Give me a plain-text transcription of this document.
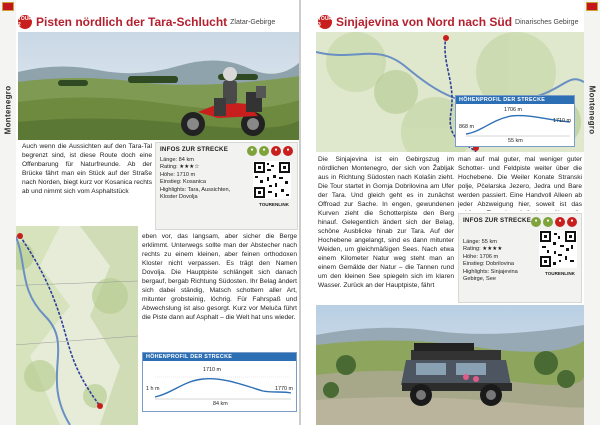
Montenegro
TOUR 2	Pisten nördlich der Tara-Schlucht Zlatar-Gebirge

Auch wenn die Aussichten auf den Tara-Tal begrenzt sind, ist diese Route doch eine Offenbarung für Naturfreunde. Ab der Brücke fährt man ein Stück auf der Straße nach Norden, biegt kurz vor Kosanica rechts ab und nimmt sich vom Asphaltstück

INFOS ZUR STRECKE	●	●	●	●
Länge: 84 km
Rating: ★★★☆
Höhe: 1710 m
Einstieg: Kosanica
Highlights: Tara, Aussichten, Kloster Dovolja
TOURENLINK

eben vor, das langsam, aber sicher die Berge erklimmt. Unterwegs sollte man der Abstecher nach rechts zu einem kleinen, aber feinen orthodoxen Kloster nicht verpassen. Es trägt den Namen Dovolja. Die Hauptpiste schlängelt sich danach bergauf, bergab Richtung Südosten. Ihr Belag ändert sich dabei ständig, Matsch schottern aller Art, mitunter grobsteinig, löchrig. Für Fahrspaß und Abwechslung ist also gesorgt. Kurz vor Meluča führt die Piste dann auf Asphalt – die Welt hat uns wieder.

HÖHENPROFIL DER STRECKE
1710 m
1 h m	1770 m
84 km
Montenegro
TOUR 3	Sinjajevina von Nord nach Süd Dinarisches Gebirge
HÖHENPROFIL DER STRECKE
1706 m
868 m
1710 m
55 km

Die Sinjajevina ist ein Gebirgszug im nördlichen Montenegro, der sich von Žabljak aus in Richtung Südosten nach Kolašin zieht. Die Tour startet in Gornja Dobrilovina am Ufer der Tara. Und gleich geht es in zunächst Offroad zur Sache. In engen, gewundenen Kurven zieht die Schotterpiste den Berg hinauf. Gelegentlich ändert sich der Belag, schöne Ausblicke hinab zur Tara. Auf der Hochebene angelangt, sind es dann mitunter Weiden, um gleichmäßigen Sees. Nach etwa einem Kilometer Natur weg steht man an einem Gemälde der Natur – die Tannen rund um den kleinen See spiegeln sich im klaren Wasser. Zurück an der Hauptpiste, fährt

man auf mal guter, mal weniger guter Schotter- und Feldpiste weiter über die Hochebene. Die Weiler Konate Stranski polje, Pčelarska Jezero, Jedra und Bare werden passiert. Eine Handvoll Alleen ab jeder Abzweigung hier, soweit ist das

INFOS ZUR STRECKE ●	●	●	●
Länge: 55 km
Rating: ★★★★
Höhe: 1706 m
Einstieg: Dobrilovina
Highlights: Sinjajevina Gebirge, See
TOURENLINK
